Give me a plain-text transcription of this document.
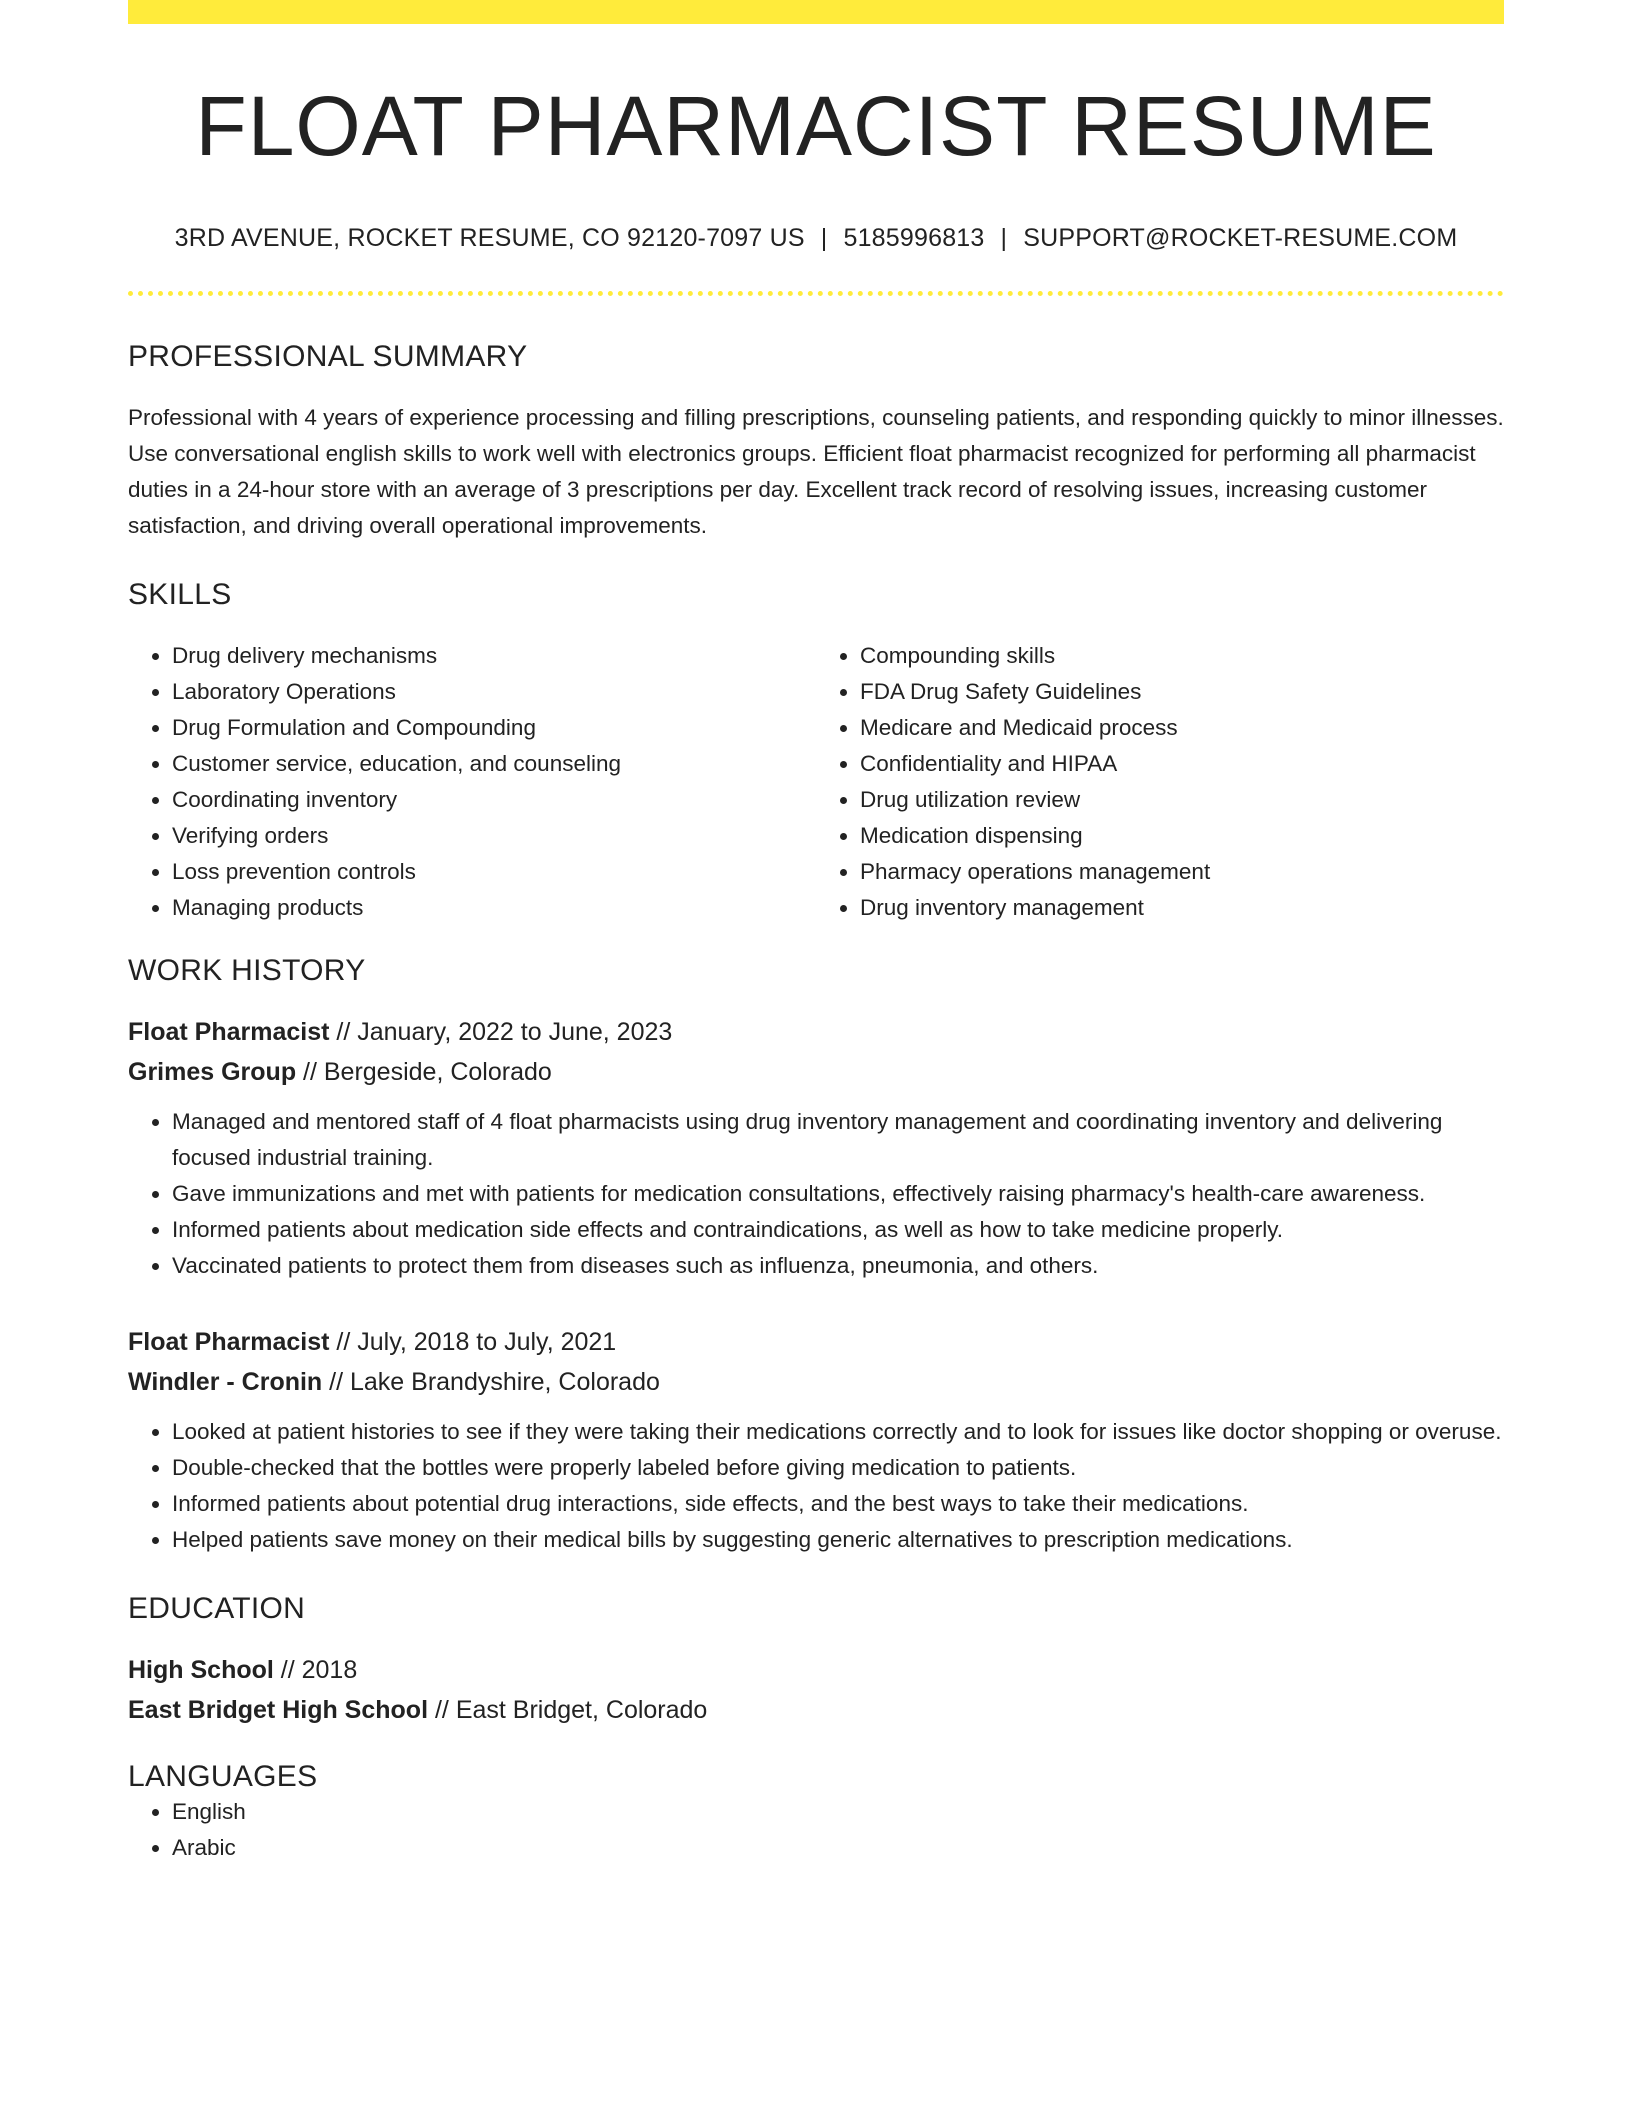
FLOAT PHARMACIST RESUME
3RD AVENUE, ROCKET RESUME, CO 92120-7097 US | 5185996813 | SUPPORT@ROCKET-RESUME.COM
PROFESSIONAL SUMMARY

Professional with 4 years of experience processing and filling prescriptions, counseling patients, and responding quickly to minor illnesses. Use conversational english skills to work well with electronics groups. Efficient float pharmacist recognized for performing all pharmacist duties in a 24-hour store with an average of 3 prescriptions per day. Excellent track record of resolving issues, increasing customer satisfaction, and driving overall operational improvements.

SKILLS
• Drug delivery mechanisms
• Laboratory Operations
• Drug Formulation and Compounding
• Customer service, education, and counseling
• Coordinating inventory
• Verifying orders
• Loss prevention controls
• Managing products
• Compounding skills
• FDA Drug Safety Guidelines
• Medicare and Medicaid process
• Confidentiality and HIPAA
• Drug utilization review
• Medication dispensing
• Pharmacy operations management
• Drug inventory management
WORK HISTORY
Float Pharmacist // January, 2022 to June, 2023
Grimes Group // Bergeside, Colorado
• Managed and mentored staff of 4 float pharmacists using drug inventory management and coordinating inventory and delivering focused industrial training.
• Gave immunizations and met with patients for medication consultations, effectively raising pharmacy's health-care awareness.
• Informed patients about medication side effects and contraindications, as well as how to take medicine properly.
• Vaccinated patients to protect them from diseases such as influenza, pneumonia, and others.
Float Pharmacist // July, 2018 to July, 2021
Windler - Cronin // Lake Brandyshire, Colorado
• Looked at patient histories to see if they were taking their medications correctly and to look for issues like doctor shopping or overuse.
• Double-checked that the bottles were properly labeled before giving medication to patients.
• Informed patients about potential drug interactions, side effects, and the best ways to take their medications.
• Helped patients save money on their medical bills by suggesting generic alternatives to prescription medications.
EDUCATION
High School // 2018
East Bridget High School // East Bridget, Colorado
LANGUAGES
• English
• Arabic
